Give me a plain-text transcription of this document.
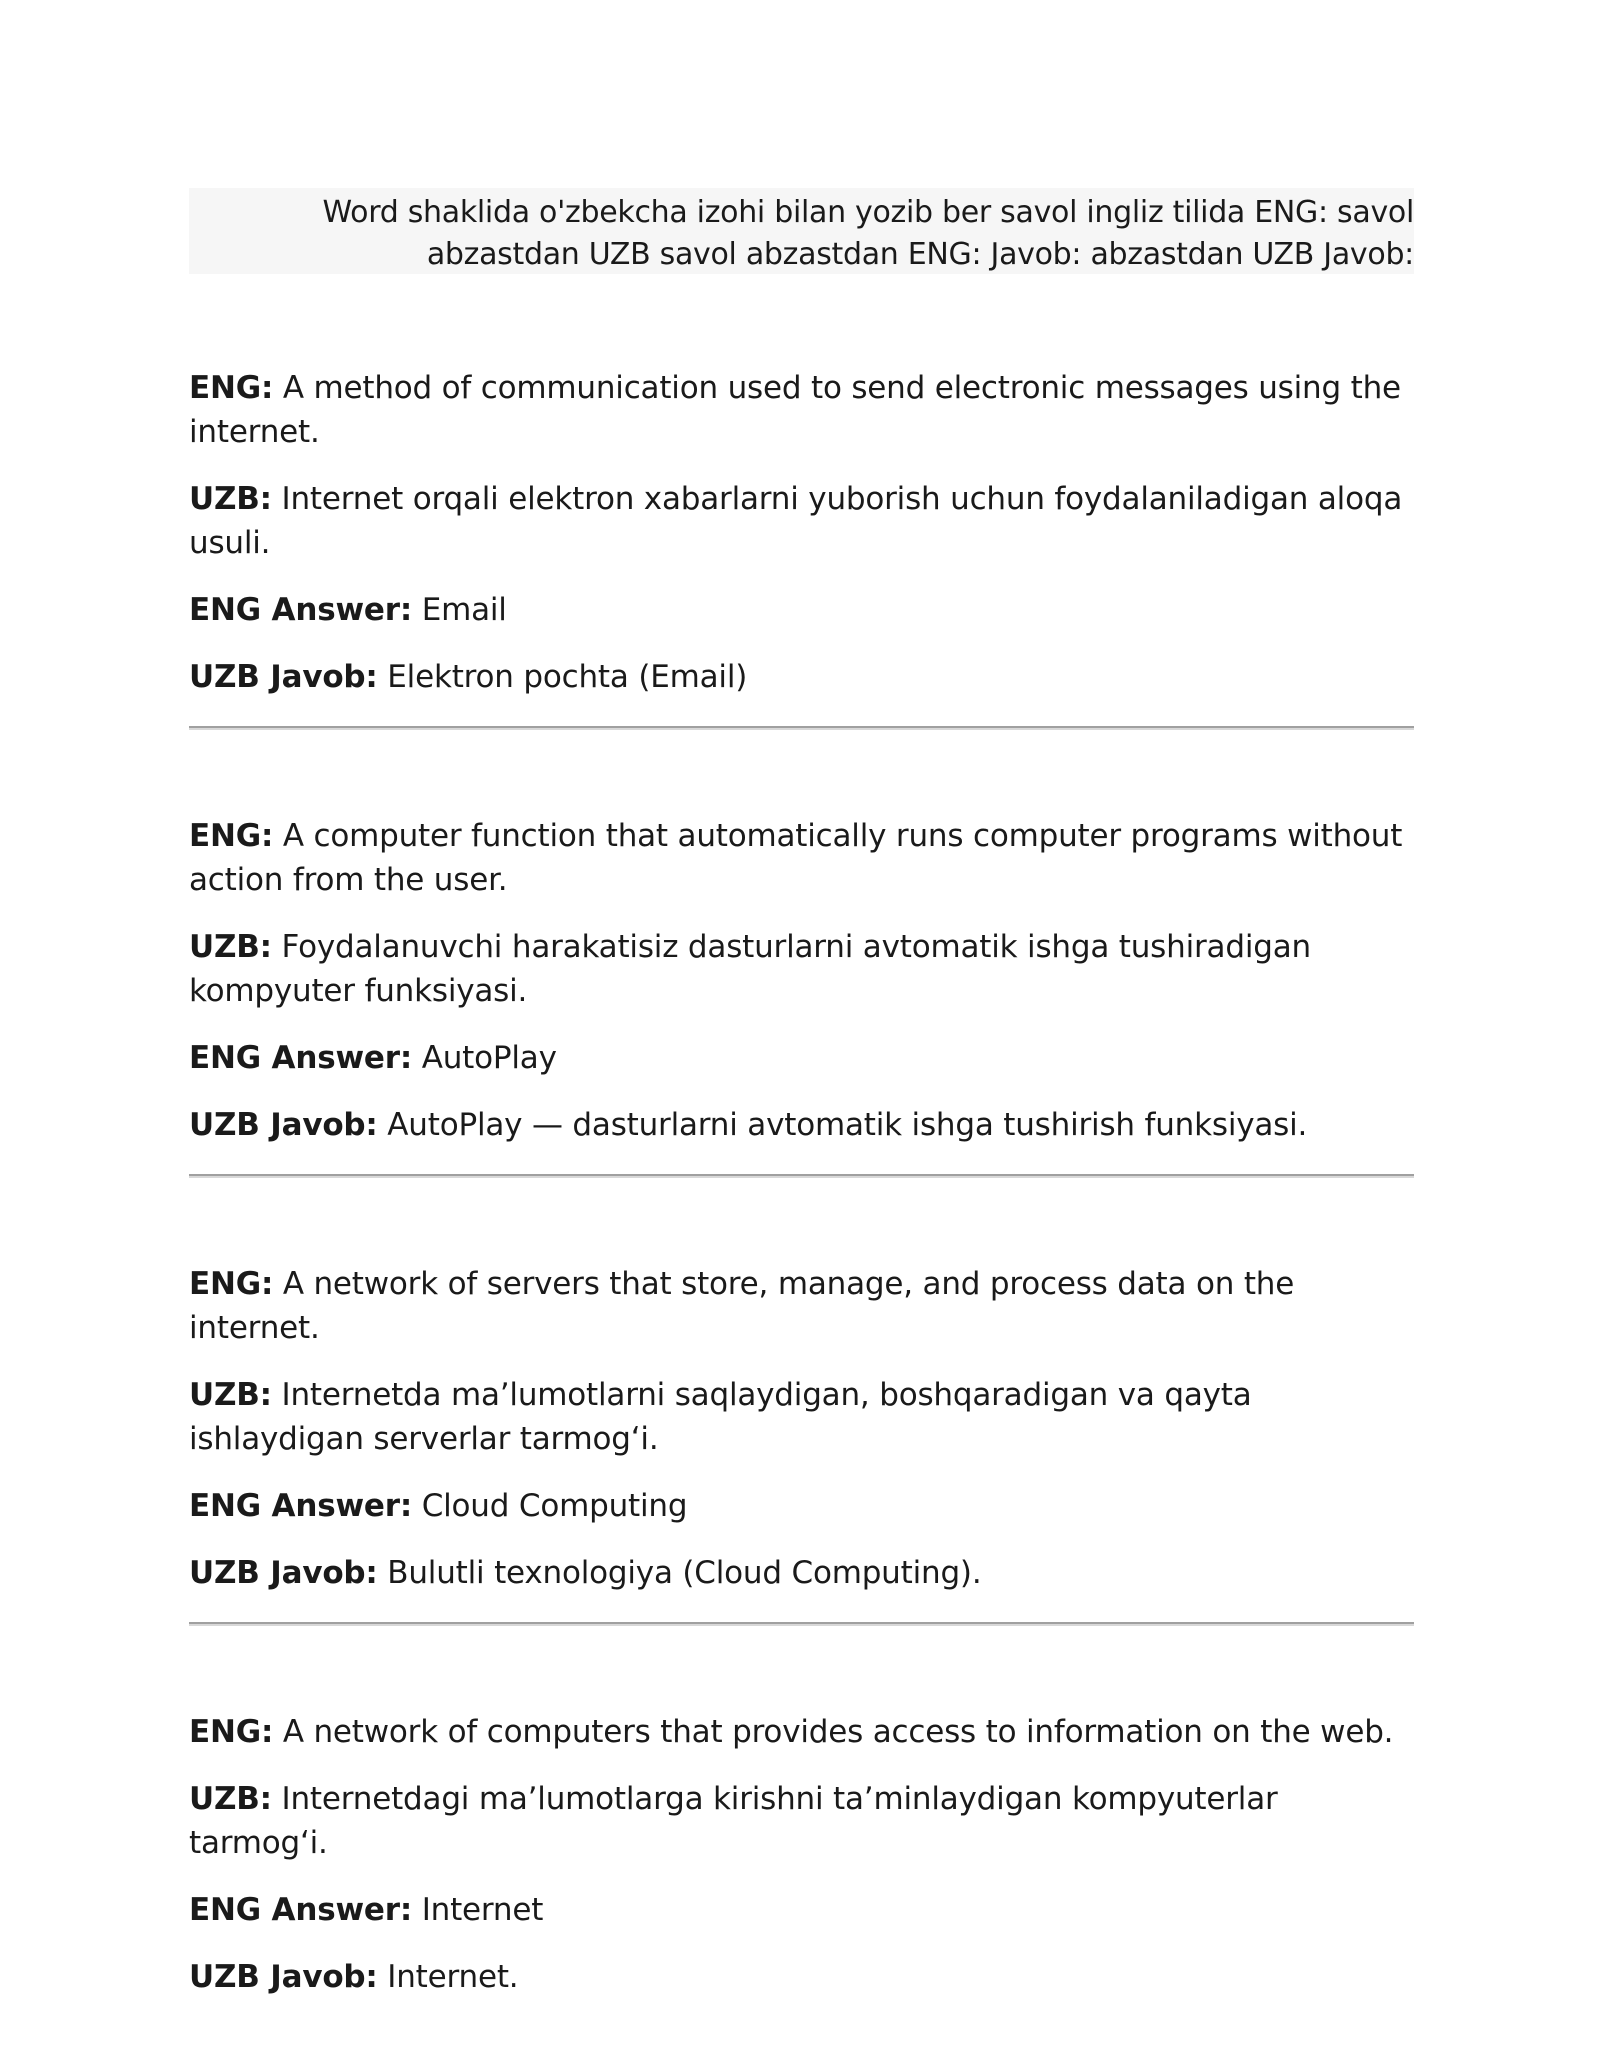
Word shaklida o'zbekcha izohi bilan yozib ber savol ingliz tilida ENG: savol
abzastdan UZB savol abzastdan ENG: Javob: abzastdan UZB Javob:

ENG: A method of communication used to send electronic messages using the internet.

UZB: Internet orqali elektron xabarlarni yuborish uchun foydalaniladigan aloqa usuli.

ENG Answer: Email

UZB Javob: Elektron pochta (Email)

ENG: A computer function that automatically runs computer programs without action from the user.

UZB: Foydalanuvchi harakatisiz dasturlarni avtomatik ishga tushiradigan kompyuter funksiyasi.

ENG Answer: AutoPlay

UZB Javob: AutoPlay — dasturlarni avtomatik ishga tushirish funksiyasi.

ENG: A network of servers that store, manage, and process data on the internet.

UZB: Internetda ma’lumotlarni saqlaydigan, boshqaradigan va qayta ishlaydigan serverlar tarmog‘i.

ENG Answer: Cloud Computing

UZB Javob: Bulutli texnologiya (Cloud Computing).

ENG: A network of computers that provides access to information on the web.

UZB: Internetdagi ma’lumotlarga kirishni ta’minlaydigan kompyuterlar tarmog‘i.

ENG Answer: Internet

UZB Javob: Internet.
